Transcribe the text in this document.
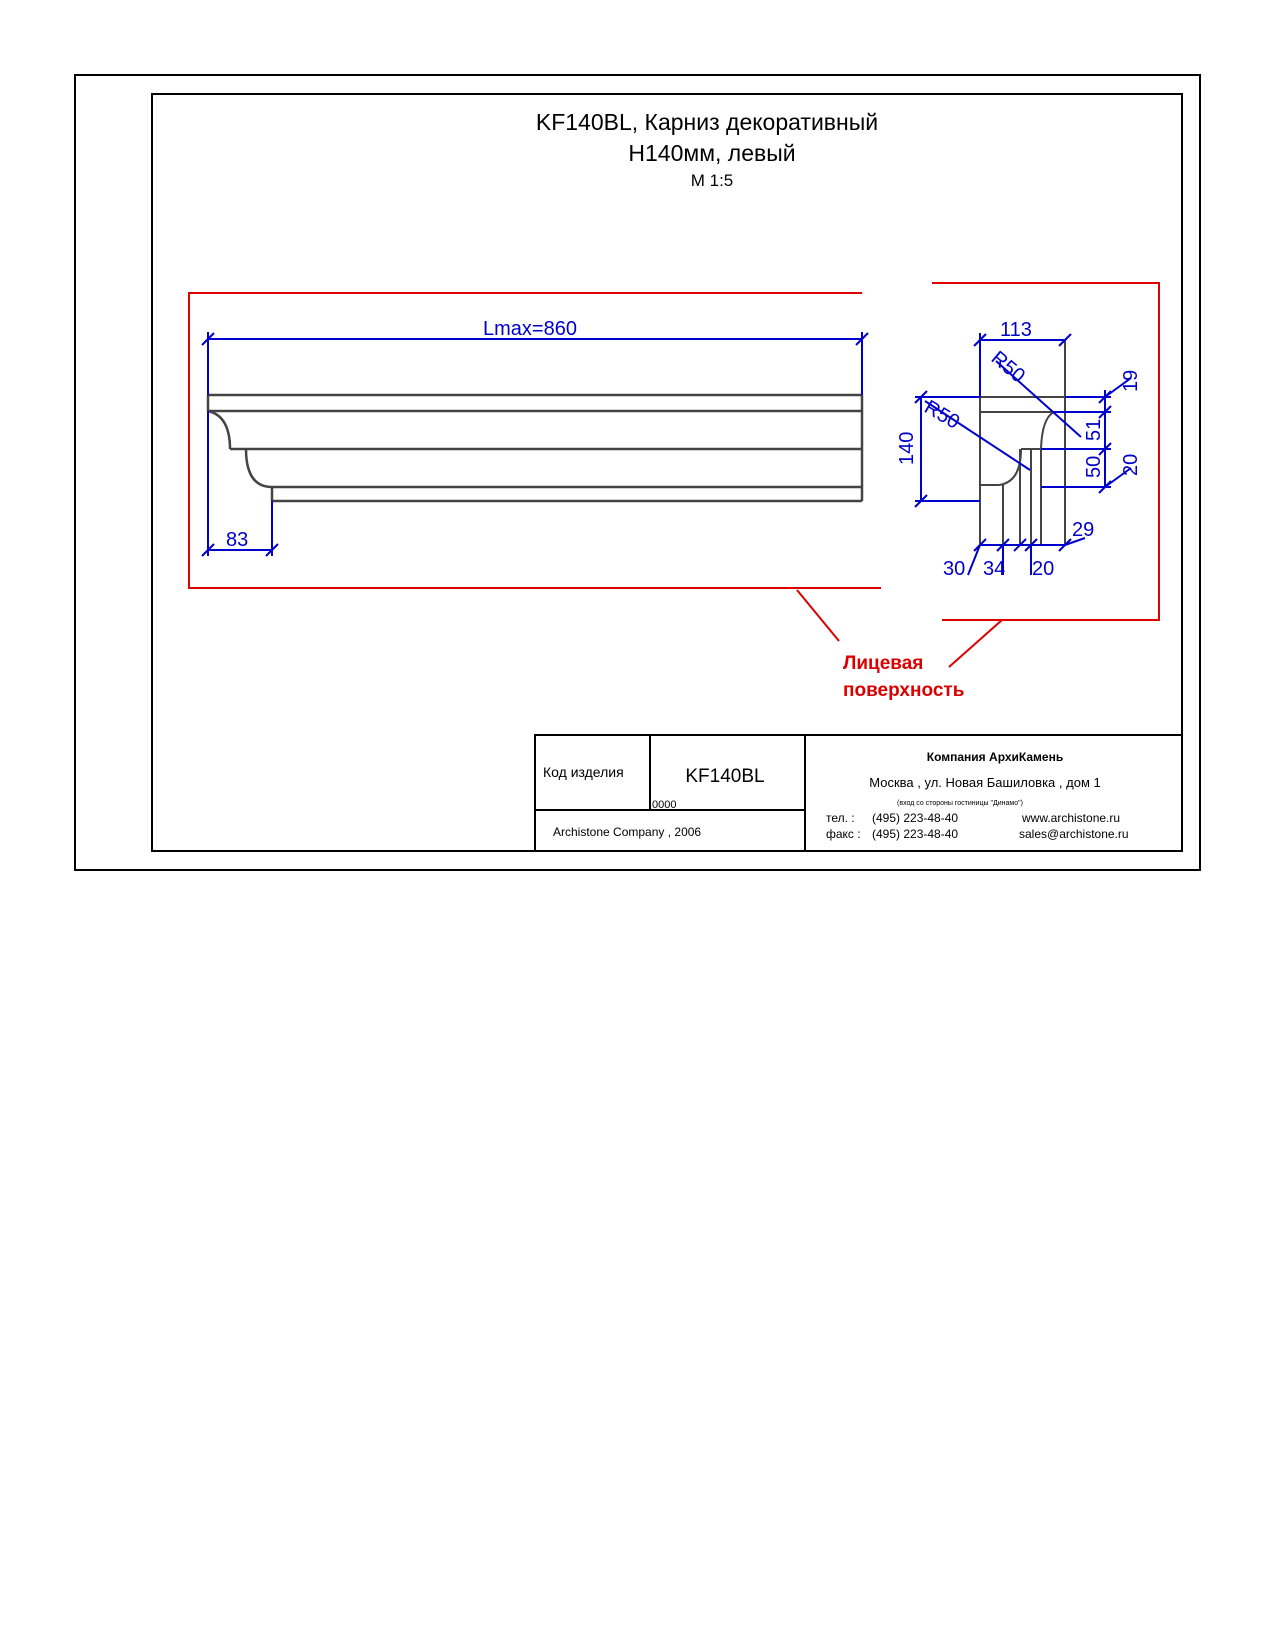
KF140BL, Карниз декоративный
Н140мм, левый
М 1:5
Лицевая
поверхность
Lmax=860
83
113
R50
R50
140
19
51
50 20
29
30 34 20
Код изделия	KF140BL
0000
Archistone Company , 2006
Компания АрхиКамень
Москва , ул. Новая Башиловка , дом 1
(вход со стороны гостиницы "Динамо")
тел. : (495) 223-48-40
факс : (495) 223-48-40
www.archistone.ru
sales@archistone.ru
